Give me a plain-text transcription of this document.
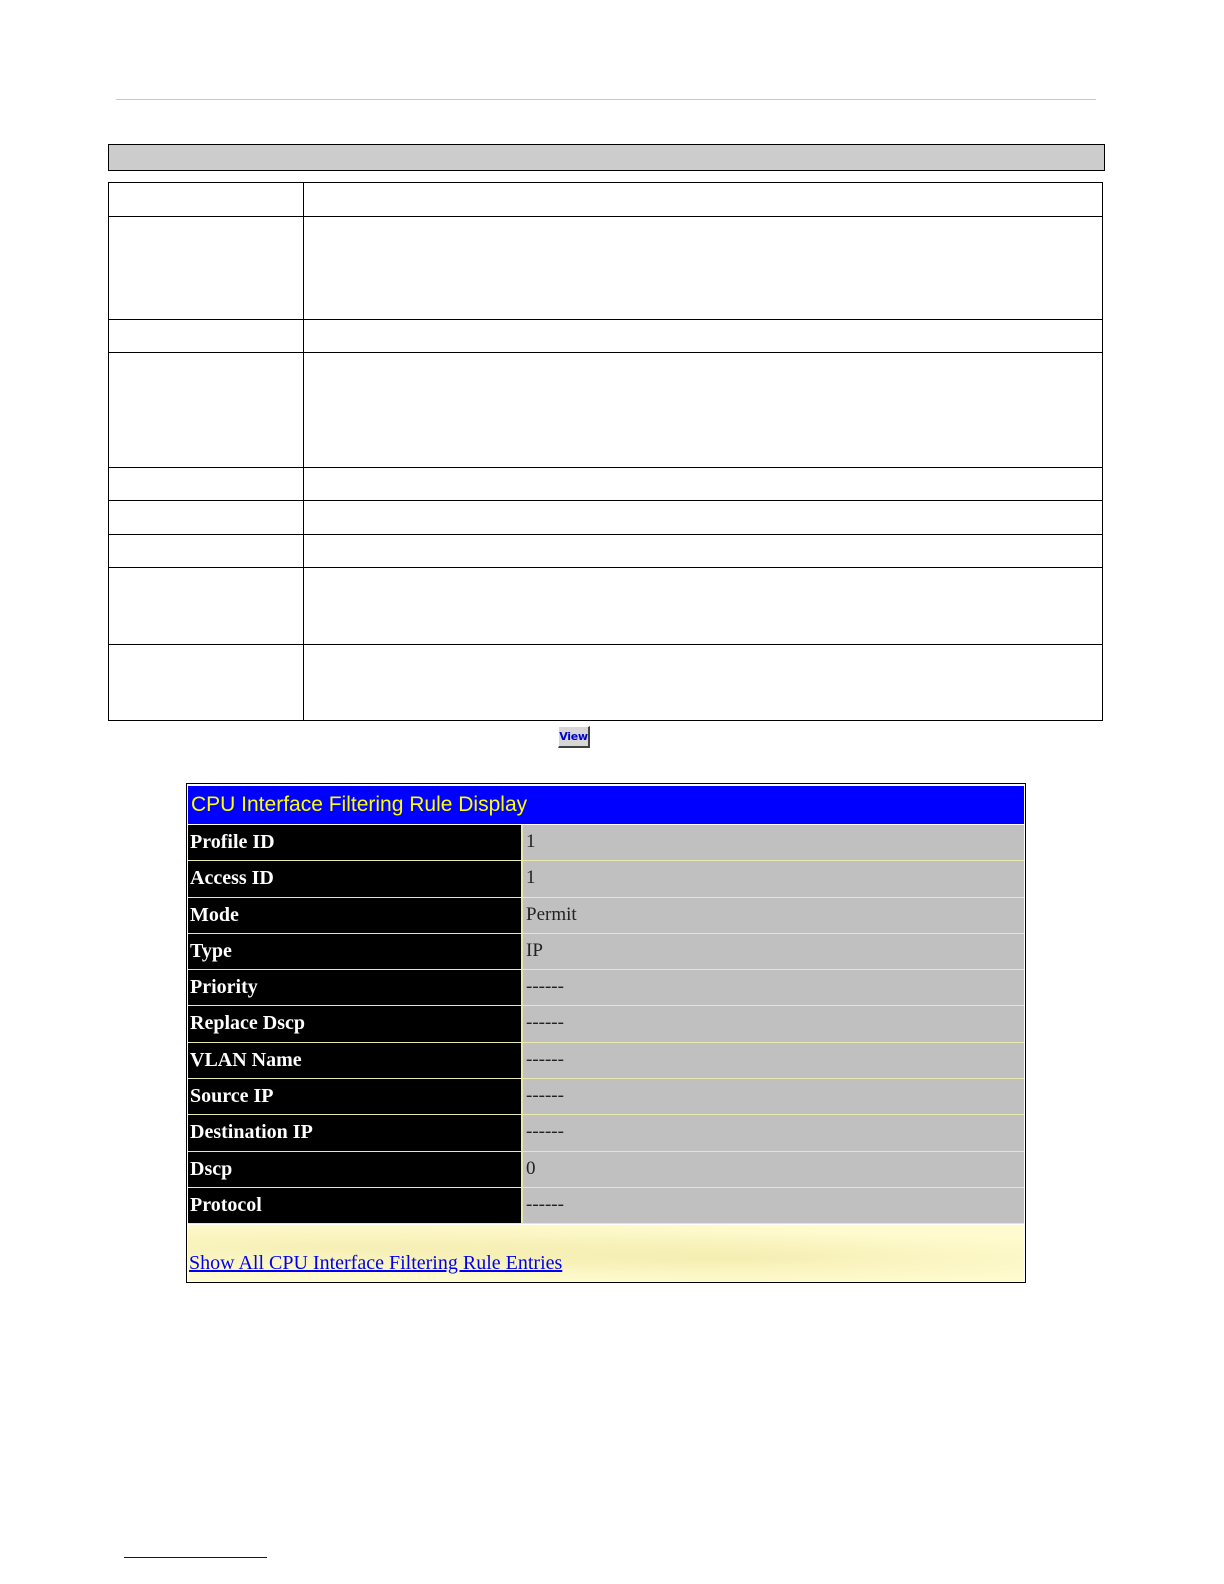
View
CPU Interface Filtering Rule Display
Profile ID	1
Access ID	1
Mode	Permit
Type	IP
Priority	------
Replace Dscp	------
VLAN Name	------
Source IP	------
Destination IP	------
Dscp	0
Protocol	------
Show All CPU Interface Filtering Rule Entries
